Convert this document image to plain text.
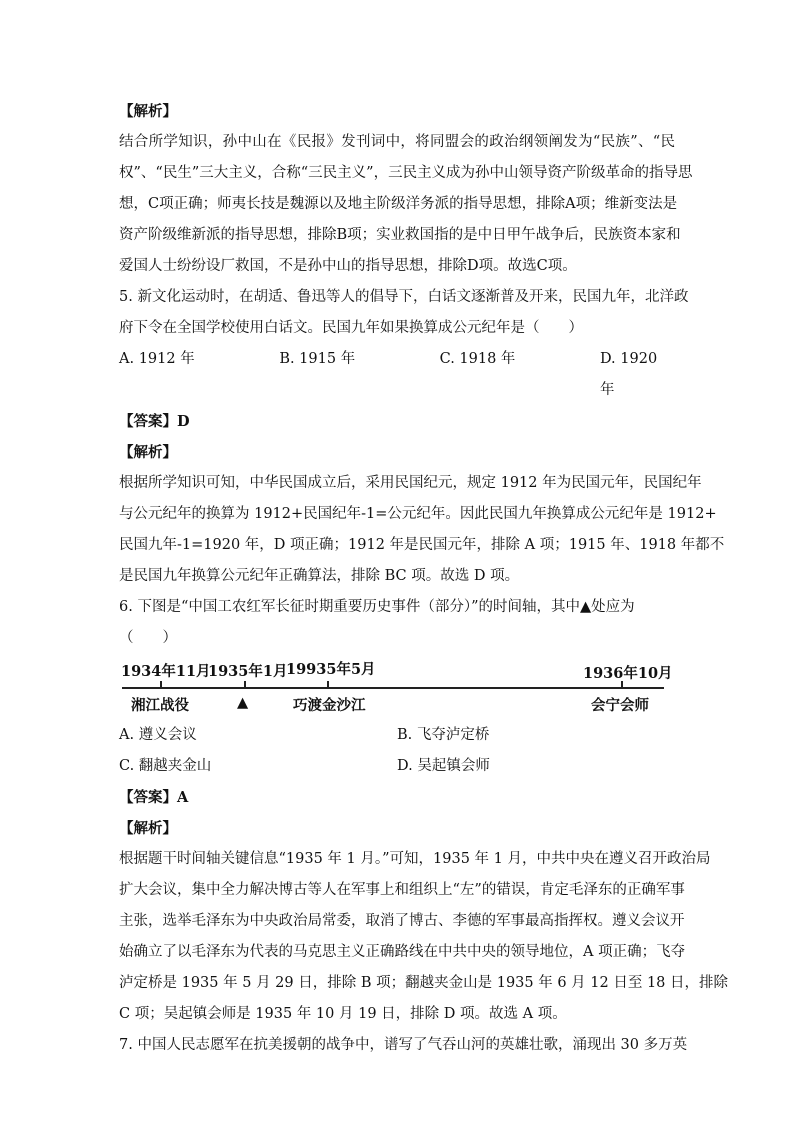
【解析】

结合所学知识，孙中山在《民报》发刊词中，将同盟会的政治纲领阐发为“民族”、“民

权”、“民生”三大主义，合称“三民主义”，三民主义成为孙中山领导资产阶级革命的指导思

想，C项正确；师夷长技是魏源以及地主阶级洋务派的指导思想，排除A项；维新变法是

资产阶级维新派的指导思想，排除B项；实业救国指的是中日甲午战争后，民族资本家和

爱国人士纷纷设厂救国，不是孙中山的指导思想，排除D项。故选C项。

5. 新文化运动时，在胡适、鲁迅等人的倡导下，白话文逐渐普及开来，民国九年，北洋政

府下令在全国学校使用白话文。民国九年如果换算成公元纪年是（　　）

A. 1912 年	B. 1915 年	C. 1918 年	D. 1920 年

【答案】D

【解析】

根据所学知识可知，中华民国成立后，采用民国纪元，规定 1912 年为民国元年，民国纪年

与公元纪年的换算为 1912+民国纪年-1=公元纪年。因此民国九年换算成公元纪年是 1912+

民国九年-1=1920 年，D 项正确；1912 年是民国元年，排除 A 项；1915 年、1918 年都不

是民国九年换算公元纪年正确算法，排除 BC 项。故选 D 项。

6. 下图是“中国工农红军长征时期重要历史事件（部分）”的时间轴，其中▲处应为

（　　）

1934年11月
1935年1月
19935年5月	1936年10月
湘江战役	▲	巧渡金沙江	会宁会师
A. 遵义会议	B. 飞夺泸定桥
C. 翻越夹金山	D. 吴起镇会师

【答案】A

【解析】

根据题干时间轴关键信息“1935 年 1 月。”可知，1935 年 1 月，中共中央在遵义召开政治局

扩大会议，集中全力解决博古等人在军事上和组织上“左”的错误，肯定毛泽东的正确军事

主张，选举毛泽东为中央政治局常委，取消了博古、李德的军事最高指挥权。遵义会议开

始确立了以毛泽东为代表的马克思主义正确路线在中共中央的领导地位，A 项正确；飞夺

泸定桥是 1935 年 5 月 29 日，排除 B 项；翻越夹金山是 1935 年 6 月 12 日至 18 日，排除

C 项；吴起镇会师是 1935 年 10 月 19 日，排除 D 项。故选 A 项。

7. 中国人民志愿军在抗美援朝的战争中，谱写了气吞山河的英雄壮歌，涌现出 30 多万英
